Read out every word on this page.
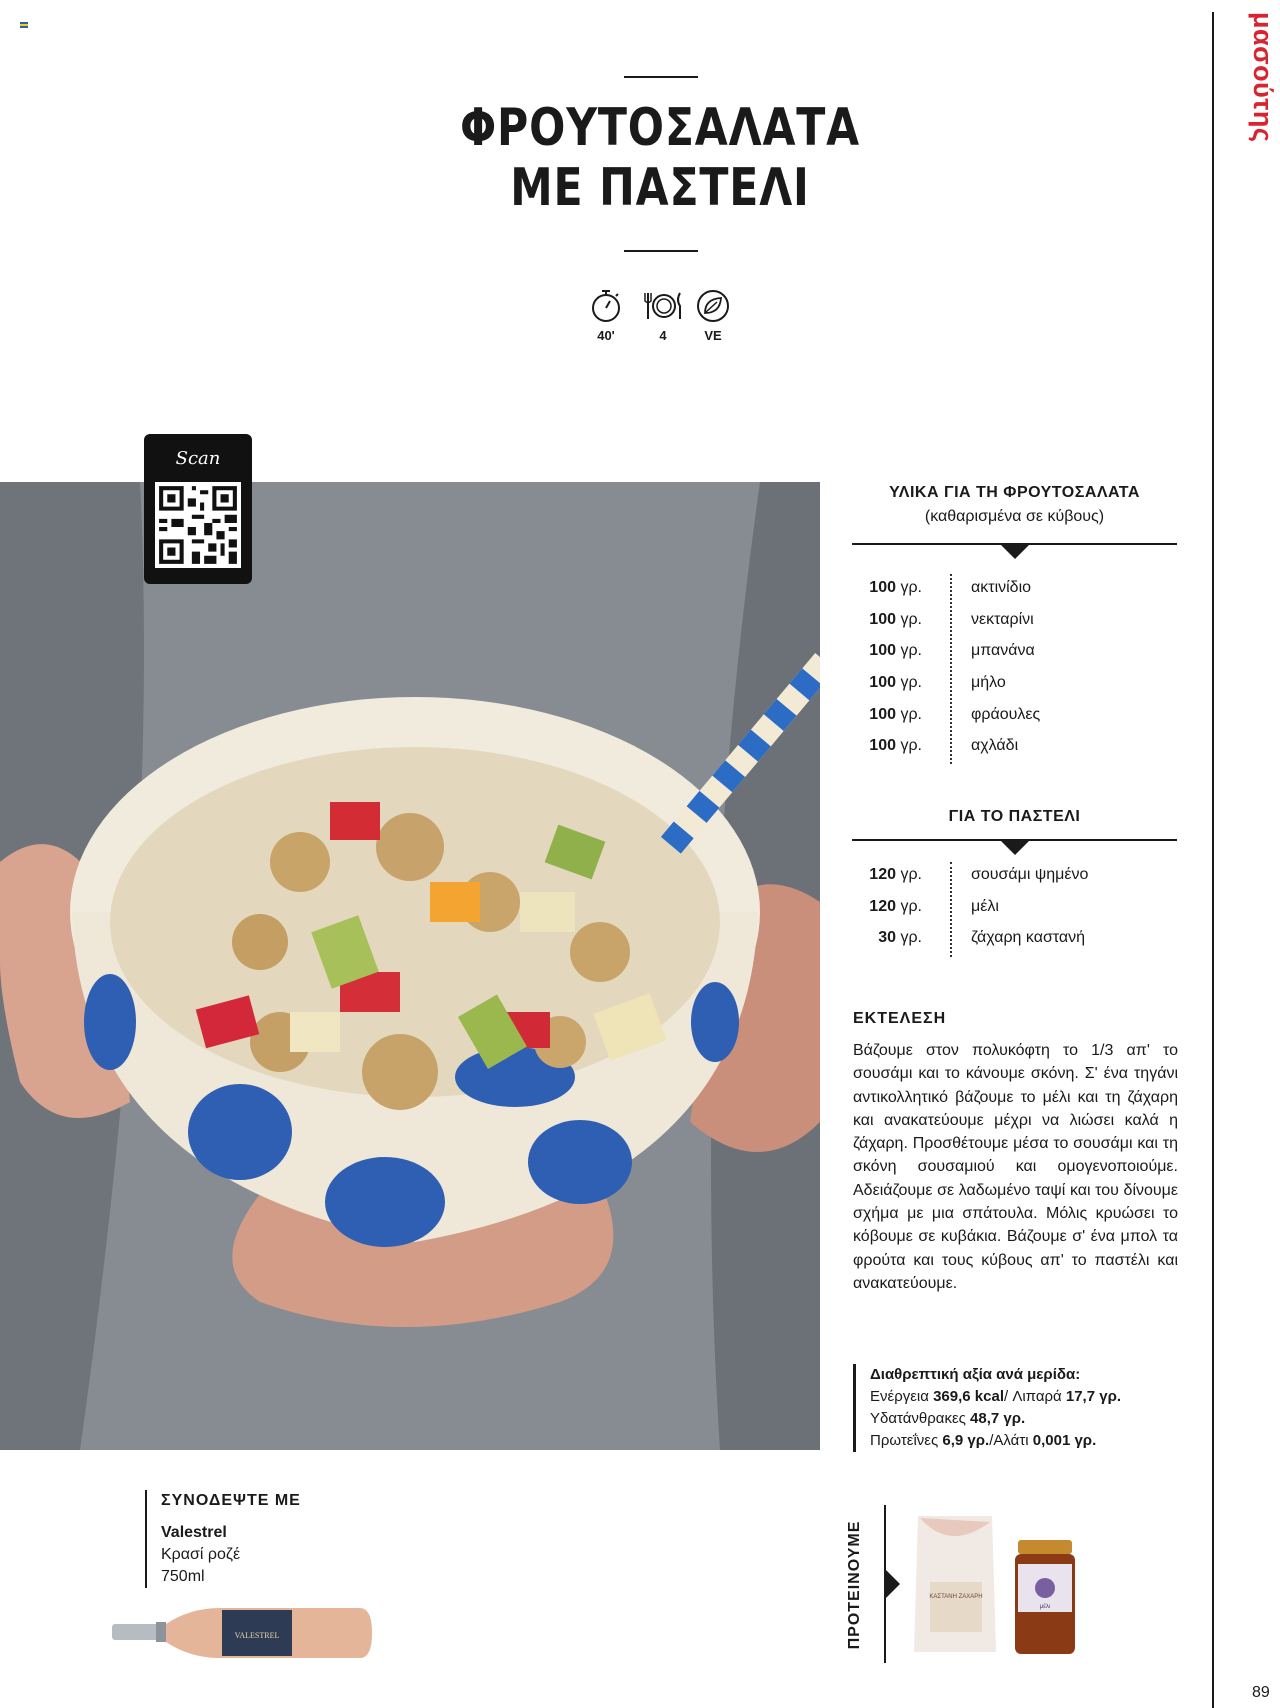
μασούτης
ΦΡΟΥΤΟΣΑΛΑΤΑ
ΜΕ ΠΑΣΤΕΛΙ
40'	4	VE
Scan
ΥΛΙΚΑ ΓΙΑ ΤΗ ΦΡΟΥΤΟΣΑΛΑΤΑ
(καθαρισμένα σε κύβους)
100 γρ.	ακτινίδιο
100 γρ.	νεκταρίνι
100 γρ.	μπανάνα
100 γρ.	μήλο
100 γρ.	φράουλες
100 γρ.	αχλάδι
ΓΙΑ ΤΟ ΠΑΣΤΕΛΙ
120 γρ.	σουσάμι ψημένο
120 γρ.	μέλι
30 γρ.	ζάχαρη καστανή
ΕΚΤΕΛΕΣΗ
Βάζουμε στον πολυκόφτη το 1/3 απ' το σουσάμι και το κάνουμε σκόνη. Σ' ένα τηγάνι αντικολλητικό βάζουμε το μέλι και τη ζάχαρη και ανακατεύουμε μέχρι να λιώσει καλά η ζάχαρη. Προσθέτουμε μέσα το σουσάμι και τη σκόνη σουσαμιού και ομογενοποιούμε. Αδειάζουμε σε λαδωμένο ταψί και του δίνουμε σχήμα με μια σπάτουλα. Μόλις κρυώσει το κόβουμε σε κυβάκια. Βάζουμε σ' ένα μπολ τα φρούτα και τους κύβους απ' το παστέλι και ανακατεύουμε.
Διαθρεπτική αξία ανά μερίδα:
Ενέργεια 369,6 kcal/ Λιπαρά 17,7 γρ.
Υδατάνθρακες 48,7 γρ.
Πρωτεΐνες 6,9 γρ./Αλάτι 0,001 γρ.
ΣΥΝΟΔΕΨΤΕ ΜΕ
Valestrel
Κρασί ροζέ
750ml
VALESTREL	ΠΡΟΤΕΙΝΟΥΜΕ	ΚΑΣΤΑΝΗ ΖΑΧΑΡΗ
μέλι
89
